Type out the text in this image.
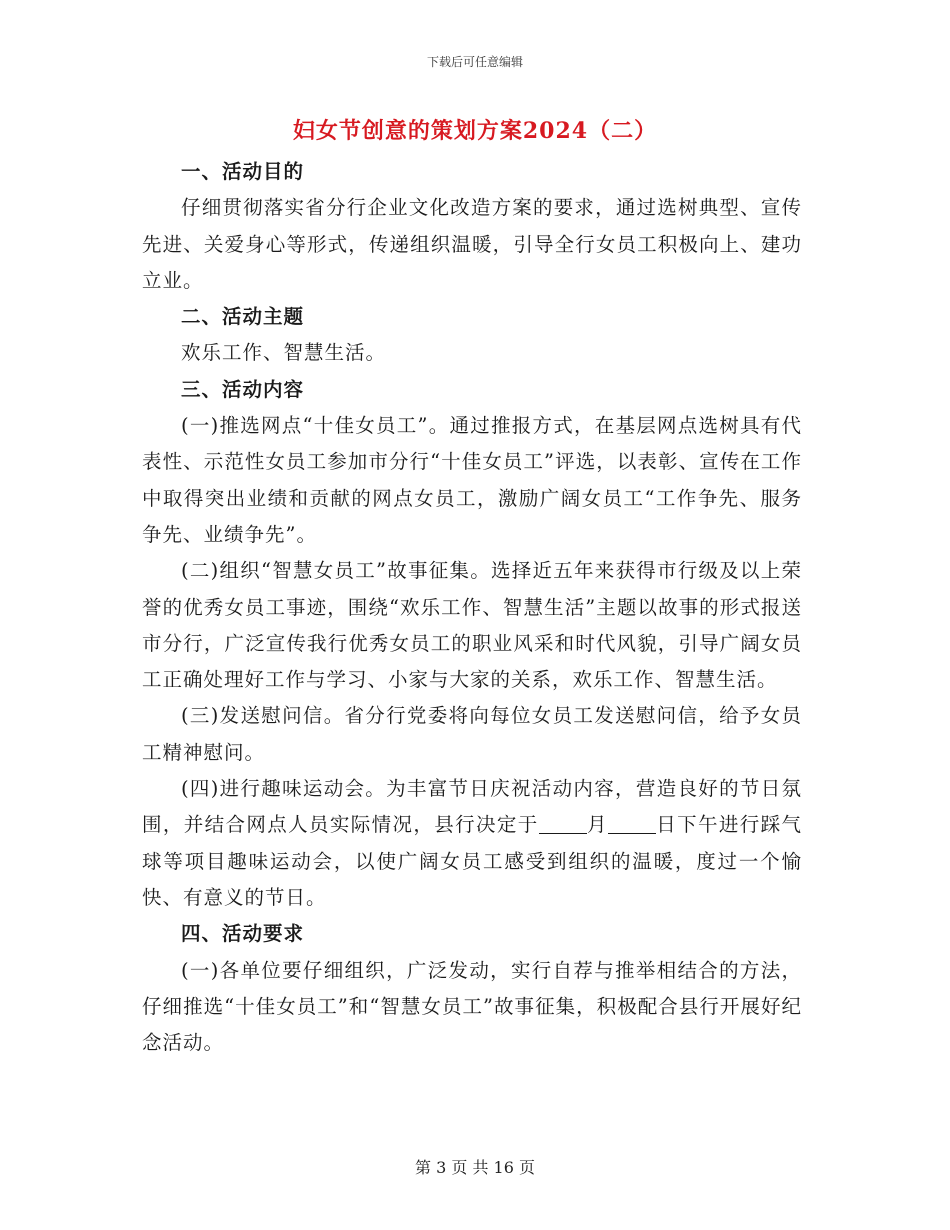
下载后可任意编辑
妇女节创意的策划方案2024（二）
一、活动目的

仔细贯彻落实省分行企业文化改造方案的要求，通过选树典型、宣传先进、关爱身心等形式，传递组织温暖，引导全行女员工积极向上、建功立业。

二、活动主题

欢乐工作、智慧生活。

三、活动内容

(一)推选网点“十佳女员工”。通过推报方式，在基层网点选树具有代表性、示范性女员工参加市分行“十佳女员工”评选，以表彰、宣传在工作中取得突出业绩和贡献的网点女员工，激励广阔女员工“工作争先、服务争先、业绩争先”。

(二)组织“智慧女员工”故事征集。选择近五年来获得市行级及以上荣誉的优秀女员工事迹，围绕“欢乐工作、智慧生活”主题以故事的形式报送市分行，广泛宣传我行优秀女员工的职业风采和时代风貌，引导广阔女员工正确处理好工作与学习、小家与大家的关系，欢乐工作、智慧生活。

(三)发送慰问信。省分行党委将向每位女员工发送慰问信，给予女员工精神慰问。

(四)进行趣味运动会。为丰富节日庆祝活动内容，营造良好的节日氛围，并结合网点人员实际情况，县行决定于 月 日下午进行踩气球等项目趣味运动会，以使广阔女员工感受到组织的温暖，度过一个愉快、有意义的节日。

四、活动要求

(一)各单位要仔细组织，广泛发动，实行自荐与推举相结合的方法，仔细推选“十佳女员工”和“智慧女员工”故事征集，积极配合县行开展好纪念活动。

第 3 页 共 16 页
